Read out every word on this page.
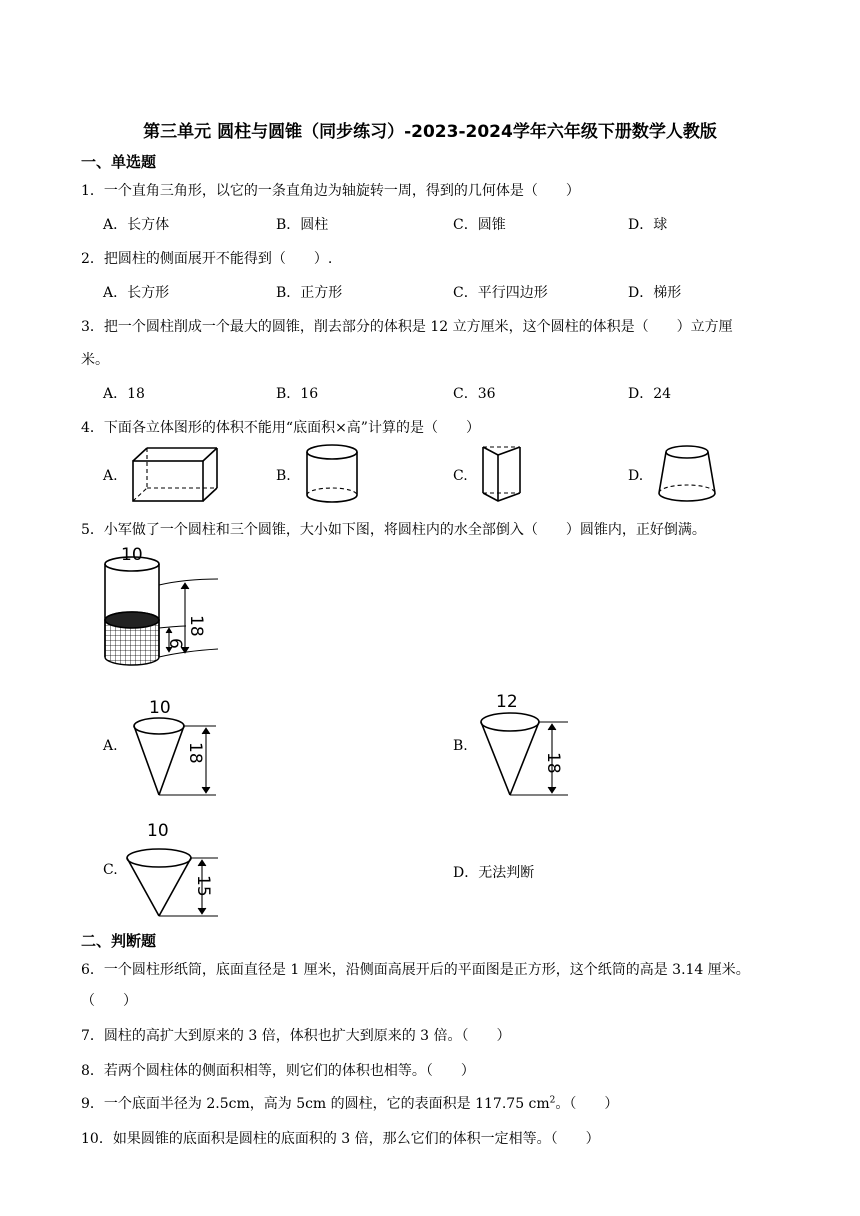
第三单元 圆柱与圆锥（同步练习）-2023-2024学年六年级下册数学人教版
一、单选题
1．一个直角三角形，以它的一条直角边为轴旋转一周，得到的几何体是（　　）
A．长方体	B．圆柱	C．圆锥	D．球
2．把圆柱的侧面展开不能得到（　　）.
A．长方形	B．正方形	C．平行四边形	D．梯形
3．把一个圆柱削成一个最大的圆锥，削去部分的体积是 12 立方厘米，这个圆柱的体积是（　　）立方厘
米。
A．18	B．16	C．36	D．24
4．下面各立体图形的体积不能用“底面积×高”计算的是（　　）
A.	B.	C.	D.
5．小军做了一个圆柱和三个圆锥，大小如下图，将圆柱内的水全部倒入（　　）圆锥内，正好倒满。
10
18
6
A.
10
18	B.
12
18
C.
10
15
D．无法判断
二、判断题
6．一个圆柱形纸筒，底面直径是 1 厘米，沿侧面高展开后的平面图是正方形，这个纸筒的高是 3.14 厘米。
（　　）
7．圆柱的高扩大到原来的 3 倍，体积也扩大到原来的 3 倍。（　　）
8．若两个圆柱体的侧面积相等，则它们的体积也相等。（　　）
9．一个底面半径为 2.5cm，高为 5cm 的圆柱，它的表面积是 117.75 $cm^2$。（　　）
10．如果圆锥的底面积是圆柱的底面积的 3 倍，那么它们的体积一定相等。（　　）
